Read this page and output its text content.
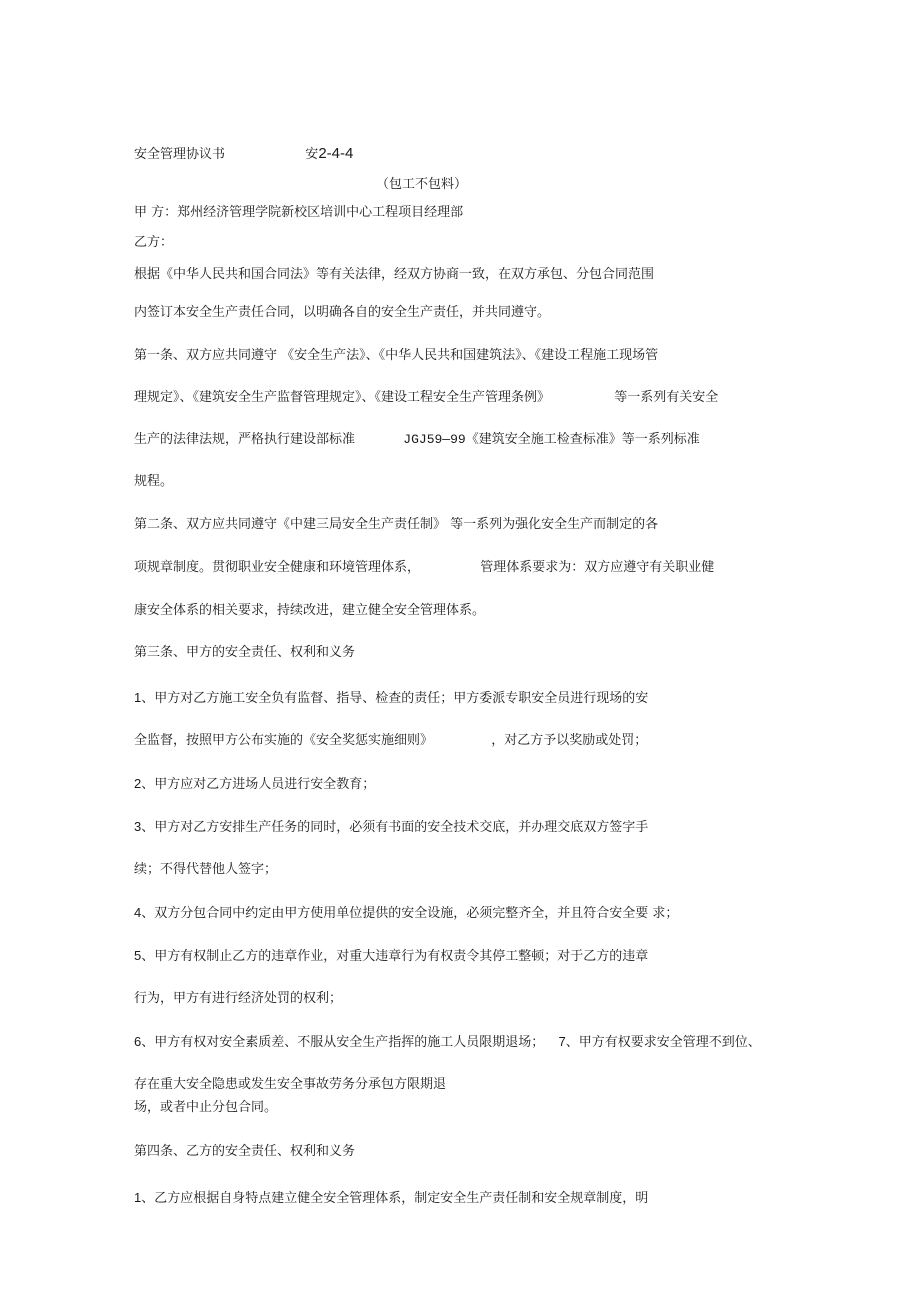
安全管理协议书	安2-4-4
（包工不包料）
甲 方：郑州经济管理学院新校区培训中心工程项目经理部
乙方：
根据《中华人民共和国合同法》等有关法律，经双方协商一致，在双方承包、分包合同范围
内签订本安全生产责任合同，以明确各自的安全生产责任，并共同遵守。
第一条、双方应共同遵守 《安全生产法》、《中华人民共和国建筑法》、《建设工程施工现场管
理规定》、《建筑安全生产监督管理规定》、《建设工程安全生产管理条例》	等一系列有关安全
生产的法律法规，严格执行建设部标准	JGJ59—99《建筑安全施工检查标准》等一系列标准
规程。
第二条、双方应共同遵守《中建三局安全生产责任制》 等一系列为强化安全生产而制定的各
项规章制度。贯彻职业安全健康和环境管理体系，	管理体系要求为：双方应遵守有关职业健
康安全体系的相关要求，持续改进，建立健全安全管理体系。
第三条、甲方的安全责任、权利和义务
1、甲方对乙方施工安全负有监督、指导、检查的责任；甲方委派专职安全员进行现场的安
全监督，按照甲方公布实施的《安全奖惩实施细则》	，对乙方予以奖励或处罚；
2、甲方应对乙方进场人员进行安全教育；
3、甲方对乙方安排生产任务的同时，必须有书面的安全技术交底，并办理交底双方签字手
续；不得代替他人签字；
4、双方分包合同中约定由甲方使用单位提供的安全设施，必须完整齐全，并且符合安全要 求；
5、甲方有权制止乙方的违章作业，对重大违章行为有权责令其停工整顿；对于乙方的违章
行为，甲方有进行经济处罚的权利；
6、甲方有权对安全素质差、不服从安全生产指挥的施工人员限期退场； 7、甲方有权要求安全管理不到位、
存在重大安全隐患或发生安全事故劳务分承包方限期退
场，或者中止分包合同。
第四条、乙方的安全责任、权利和义务
1、乙方应根据自身特点建立健全安全管理体系，制定安全生产责任制和安全规章制度，明
